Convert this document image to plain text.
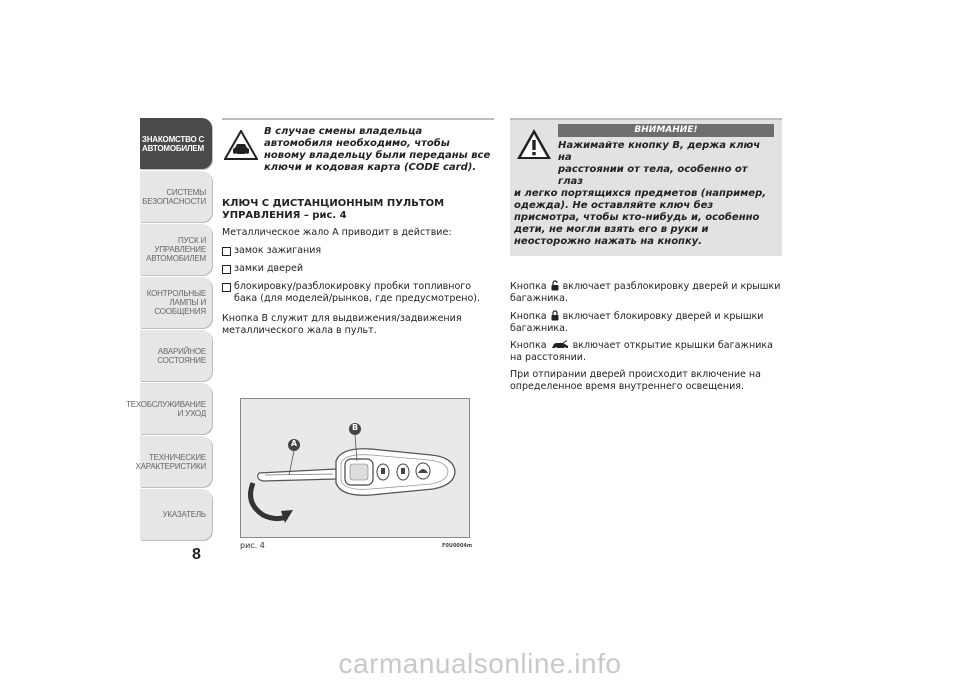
ЗНАКОМСТВО С
АВТОМОБИЛЕМ
СИСТЕМЫ
БЕЗОПАСНОСТИ
ПУСК И УПРАВЛЕНИЕ
АВТОМОБИЛЕМ
КОНТРОЛЬНЫЕ
ЛАМПЫ И
СООБЩЕНИЯ
АВАРИЙНОЕ
СОСТОЯНИЕ
ТЕХОБСЛУЖИВАНИЕ
И УХОД
ТЕХНИЧЕСКИЕ
ХАРАКТЕРИСТИКИ
УКАЗАТЕЛЬ
8
В случае смены владельца автомобиля необходимо, чтобы новому владельцу были переданы все ключи и кодовая карта (CODE card).
КЛЮЧ С ДИСТАНЦИОННЫМ ПУЛЬТОМ УПРАВЛЕНИЯ – рис. 4
Металлическое жало A приводит в действие:
замок зажигания
замки дверей
блокировку/разблокировку пробки топливного бака (для моделей/рынков, где предусмотрено).
Кнопка B служит для выдвижения/задвижения металлического жала в пульт.
A
B
рис. 4	F0U0004m
ВНИМАНИЕ!
Нажимайте кнопку B, держа ключ на
расстоянии от тела, особенно от глаз
и легко портящихся предметов (например, одежда). Не оставляйте ключ без присмотра, чтобы кто-нибудь и, особенно дети, не могли взять его в руки и неосторожно нажать на кнопку.
Кнопка включает разблокировку дверей и крышки багажника.
Кнопка включает блокировку дверей и крышки багажника.
Кнопка	включает открытие крышки багажника на расстоянии.
При отпирании дверей происходит включение на определенное время внутреннего освещения.
carmanualsonline.info
